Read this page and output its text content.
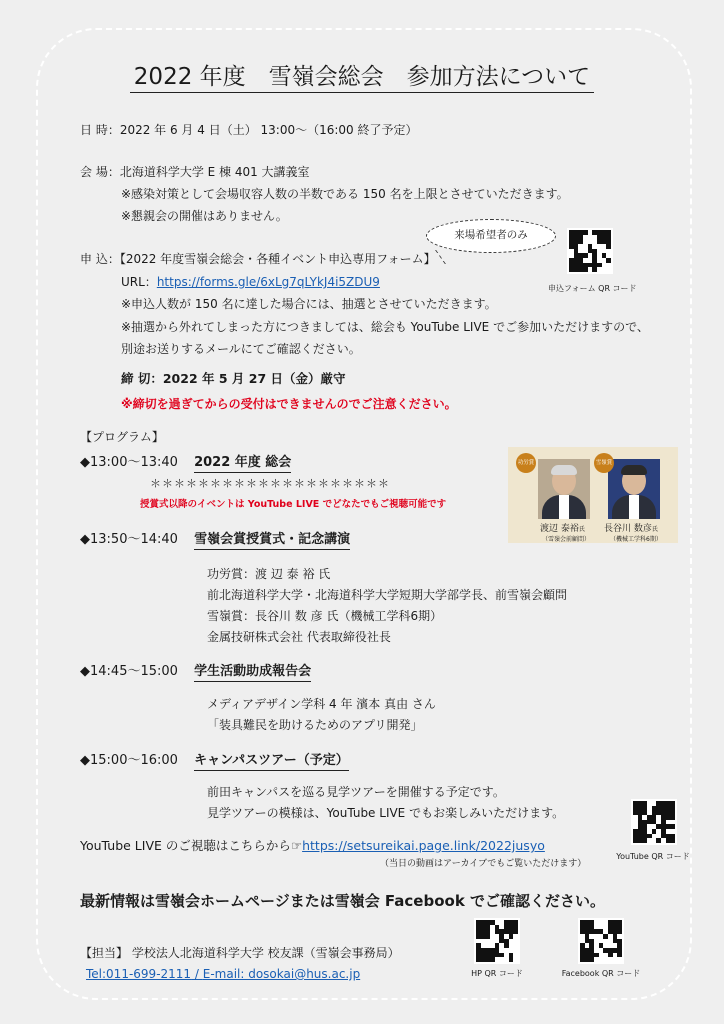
2022 年度　雪嶺会総会　参加方法について
日 時：2022 年 6 月 4 日（土） 13:00～（16:00 終了予定）
会 場：北海道科学大学 E 棟 401 大講義室
※感染対策として会場収容人数の半数である 150 名を上限とさせていただきます。
※懇親会の開催はありません。
来場希望者のみ
申 込：【2022 年度雪嶺会総会・各種イベント申込専用フォーム】
URL：https://forms.gle/6xLg7qLYkJ4i5ZDU9
※申込人数が 150 名に達した場合には、抽選とさせていただきます。
※抽選から外れてしまった方につきましては、総会も YouTube LIVE でご参加いただけますので、
別途お送りするメールにてご確認ください。
申込フォーム QR コード
締 切：2022 年 5 月 27 日（金）厳守
※締切を過ぎてからの受付はできませんのでご注意ください。
【プログラム】
◆13:00～13:40 2022 年度 総会
＊＊＊＊＊＊＊＊＊＊＊＊＊＊＊＊＊＊＊＊
授賞式以降のイベントは YouTube LIVE でどなたでもご視聴可能です
◆13:50～14:40 雪嶺会賞授賞式・記念講演
功労賞：渡 辺 泰 裕 氏
前北海道科学大学・北海道科学大学短期大学部学長、前雪嶺会顧問
雪嶺賞：長谷川 数 彦 氏（機械工学科6期）
金属技研株式会社 代表取締役社長
◆14:45～15:00 学生活動助成報告会
メディアデザイン学科 4 年 濱本 真由 さん
「装具難民を助けるためのアプリ開発」
◆15:00～16:00 キャンパスツアー（予定）
前田キャンパスを巡る見学ツアーを開催する予定です。
見学ツアーの模様は、YouTube LIVE でもお楽しみいただけます。
功労賞
渡辺 泰裕氏
（雪嶺会前顧問）
雪嶺賞
長谷川 数彦氏
（機械工学科6期）
YouTube LIVE のご視聴はこちらから☞https://setsureikai.page.link/2022jusyo
（当日の動画はアーカイブでもご覧いただけます）
YouTube QR コード
最新情報は雪嶺会ホームページまたは雪嶺会 Facebook でご確認ください。
【担当】 学校法人北海道科学大学 校友課（雪嶺会事務局）
Tel:011-699-2111 / E-mail: dosokai@hus.ac.jp	HP QR コード	Facebook QR コード
